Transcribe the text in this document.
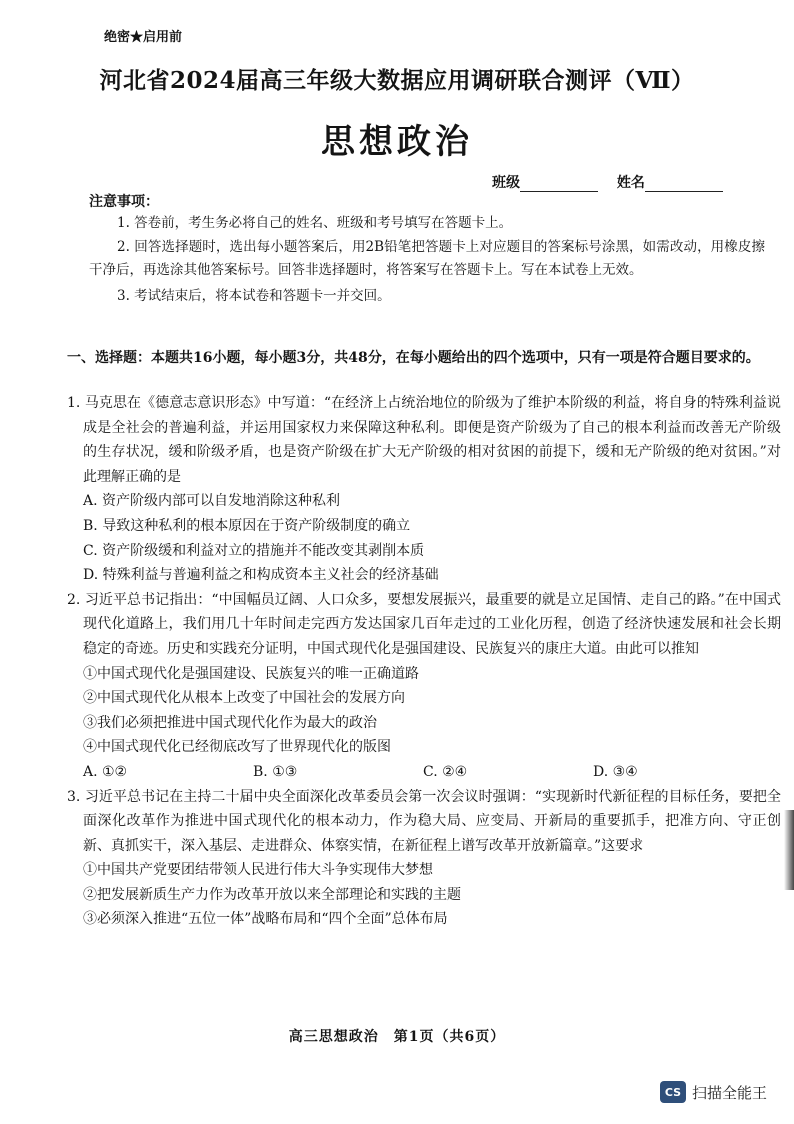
绝密★启用前
河北省2024届高三年级大数据应用调研联合测评（Ⅶ）
思想政治
班级	姓名
注意事项：

1. 答卷前，考生务必将自己的姓名、班级和考号填写在答题卡上。

2. 回答选择题时，选出每小题答案后，用2B铅笔把答题卡上对应题目的答案标号涂黑，如需改动，用橡皮擦干净后，再选涂其他答案标号。回答非选择题时，将答案写在答题卡上。写在本试卷上无效。

3. 考试结束后，将本试卷和答题卡一并交回。

一、选择题：本题共16小题，每小题3分，共48分，在每小题给出的四个选项中，只有一项是符合题目要求的。

1. 马克思在《德意志意识形态》中写道：“在经济上占统治地位的阶级为了维护本阶级的利益，将自身的特殊利益说成是全社会的普遍利益，并运用国家权力来保障这种私利。即便是资产阶级为了自己的根本利益而改善无产阶级的生存状况，缓和阶级矛盾，也是资产阶级在扩大无产阶级的相对贫困的前提下，缓和无产阶级的绝对贫困。”对此理解正确的是

A. 资产阶级内部可以自发地消除这种私利

B. 导致这种私利的根本原因在于资产阶级制度的确立

C. 资产阶级缓和利益对立的措施并不能改变其剥削本质

D. 特殊利益与普遍利益之和构成资本主义社会的经济基础

2. 习近平总书记指出：“中国幅员辽阔、人口众多，要想发展振兴，最重要的就是立足国情、走自己的路。”在中国式现代化道路上，我们用几十年时间走完西方发达国家几百年走过的工业化历程，创造了经济快速发展和社会长期稳定的奇迹。历史和实践充分证明，中国式现代化是强国建设、民族复兴的康庄大道。由此可以推知

①中国式现代化是强国建设、民族复兴的唯一正确道路

②中国式现代化从根本上改变了中国社会的发展方向

③我们必须把推进中国式现代化作为最大的政治

④中国式现代化已经彻底改写了世界现代化的版图

A. ①②	B. ①③	C. ②④	D. ③④

3. 习近平总书记在主持二十届中央全面深化改革委员会第一次会议时强调：“实现新时代新征程的目标任务，要把全面深化改革作为推进中国式现代化的根本动力，作为稳大局、应变局、开新局的重要抓手，把准方向、守正创新、真抓实干，深入基层、走进群众、体察实情，在新征程上谱写改革开放新篇章。”这要求

①中国共产党要团结带领人民进行伟大斗争实现伟大梦想

②把发展新质生产力作为改革开放以来全部理论和实践的主题

③必须深入推进“五位一体”战略布局和“四个全面”总体布局

高三思想政治　第1页（共6页）
CS 扫描全能王
